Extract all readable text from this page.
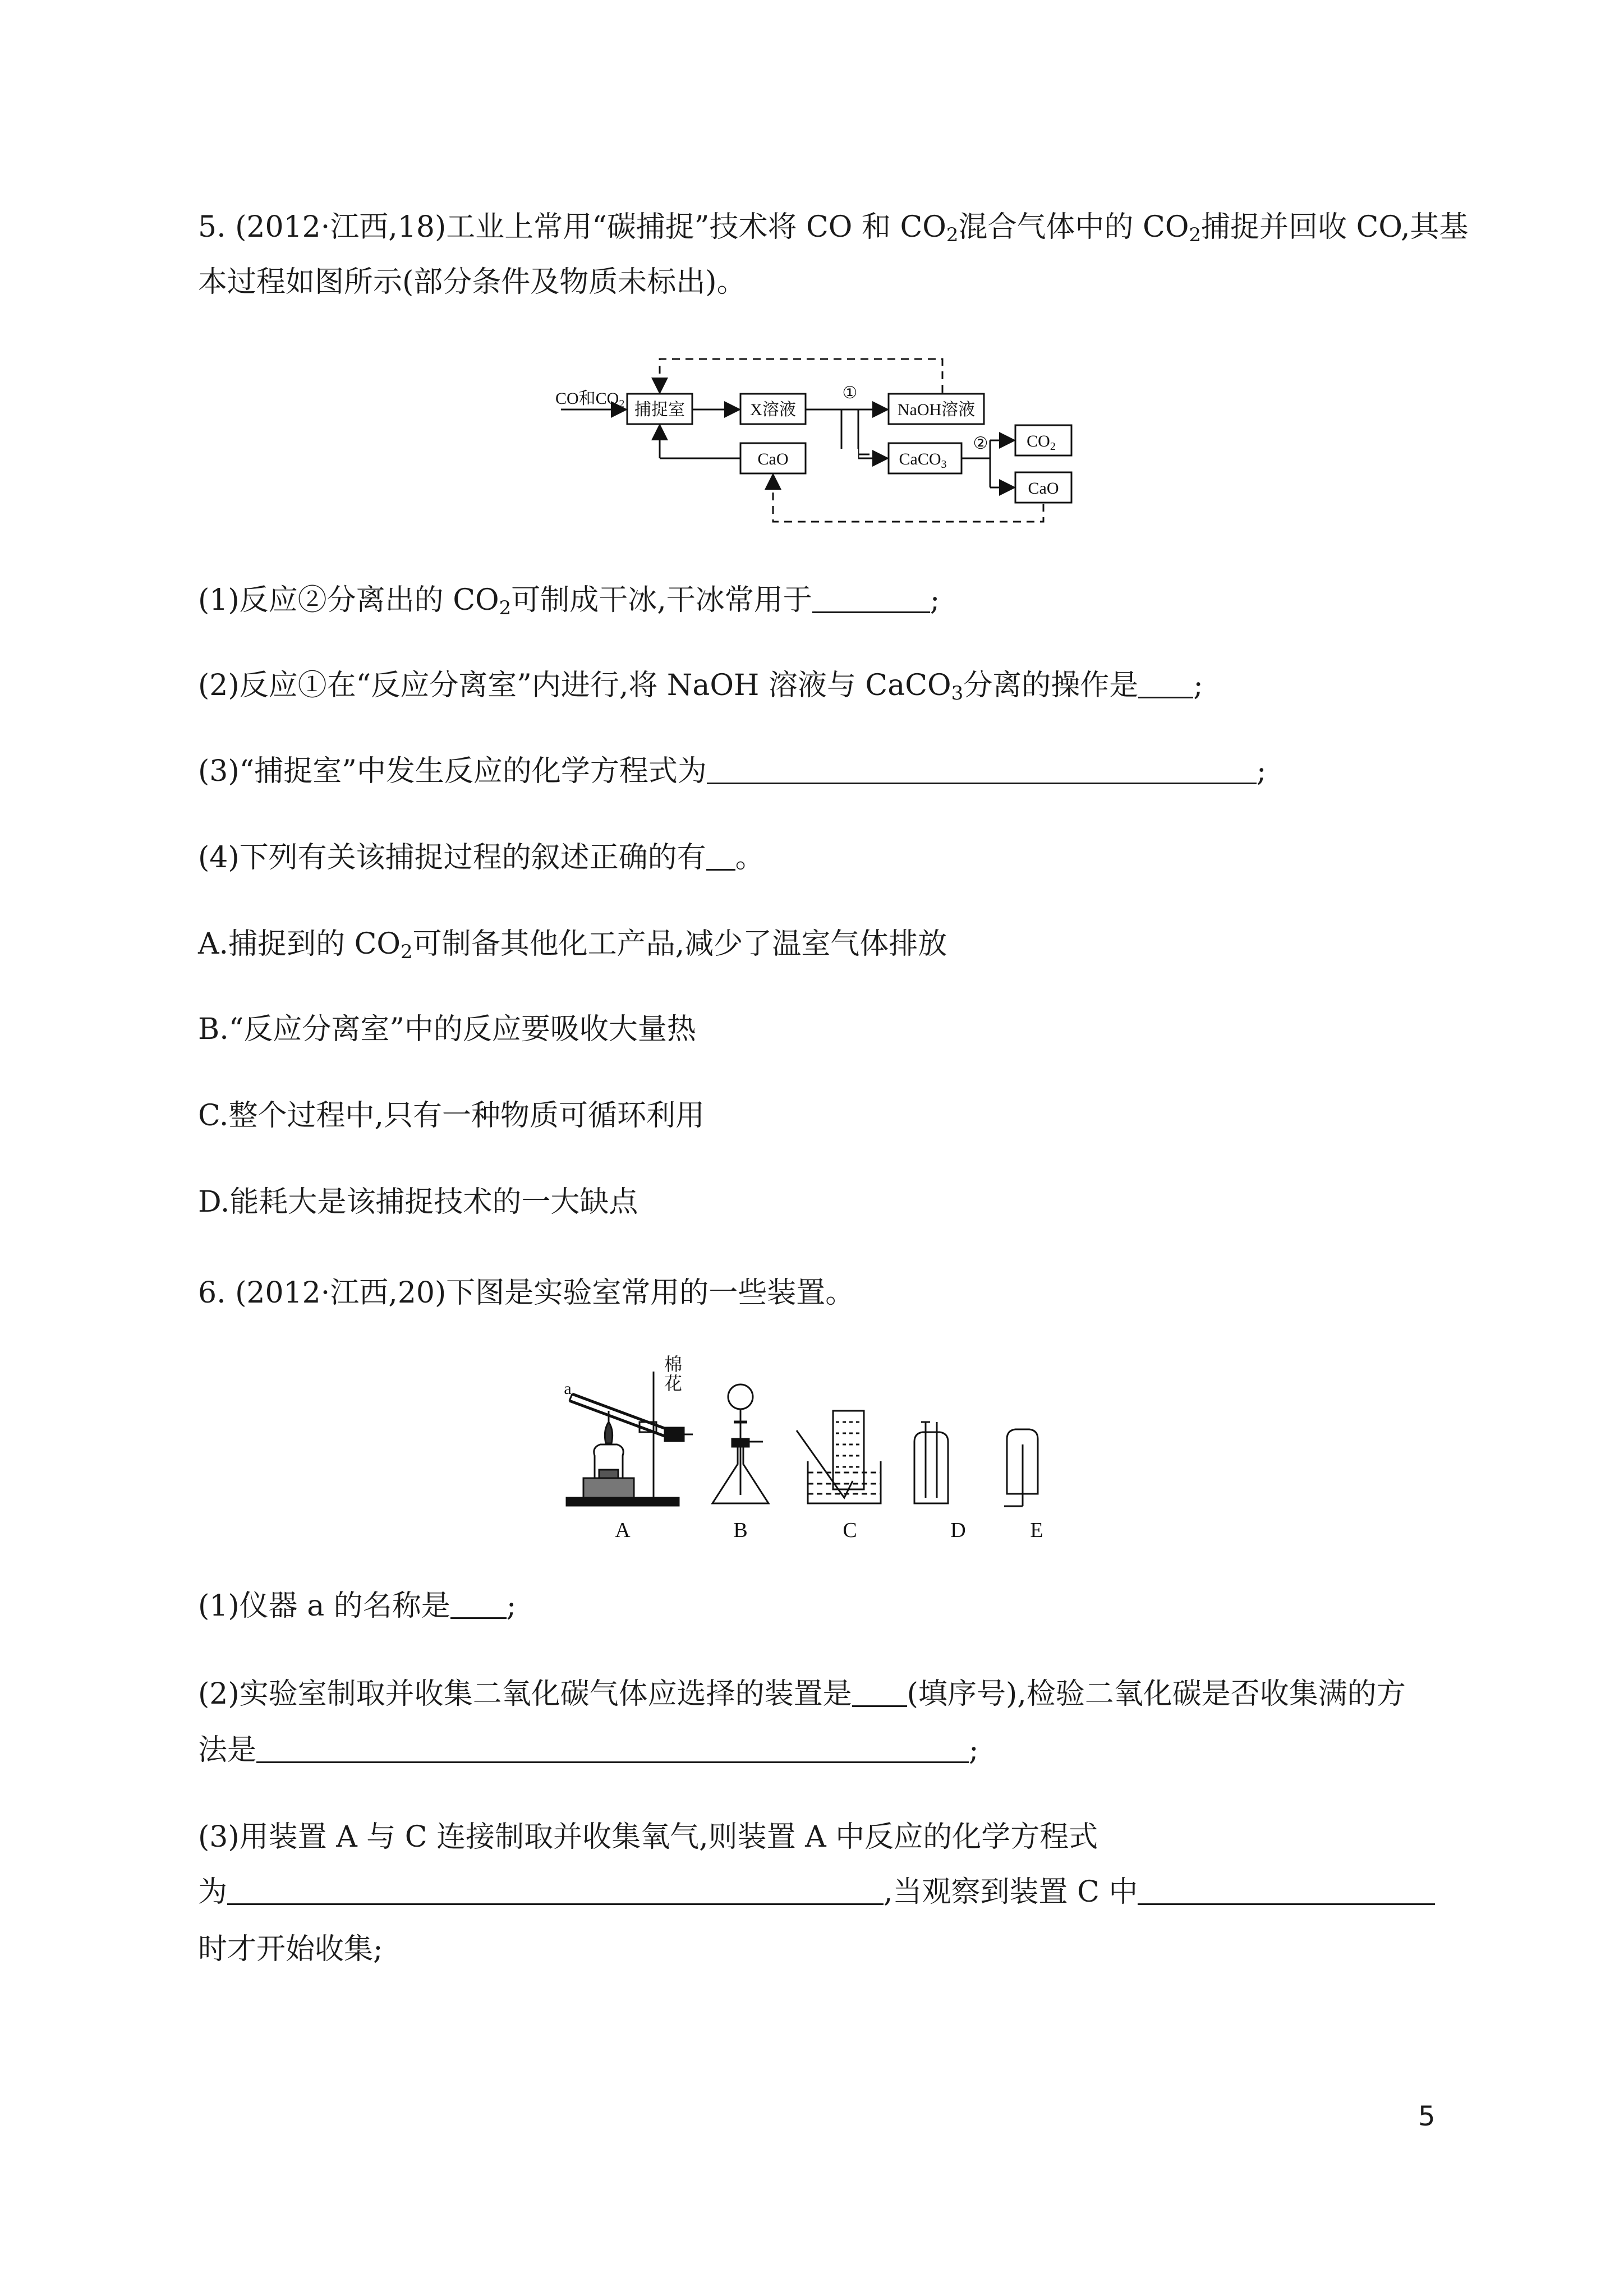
5. (2012·江西,18)工业上常用“碳捕捉”技术将 CO 和 $CO_2$混合气体中的 $CO_2$捕捉并回收 CO,其基
本过程如图所示(部分条件及物质未标出)。
CO和$CO_2$ 捕捉室	X溶液
CaO
①
NaOH溶液
CaCO$_3$
② $CO_2$
CaO
(1)反应②分离出的 $CO_2$可制成干冰,干冰常用于	;
(2)反应①在“反应分离室”内进行,将 NaOH 溶液与 CaCO$_3$分离的操作是 ;
(3)“捕捉室”中发生反应的化学方程式为	;
(4)下列有关该捕捉过程的叙述正确的有 。
A.捕捉到的 $CO_2$可制备其他化工产品,减少了温室气体排放
B.“反应分离室”中的反应要吸收大量热
C.整个过程中,只有一种物质可循环利用
D.能耗大是该捕捉技术的一大缺点
6. (2012·江西,20)下图是实验室常用的一些装置。
a
棉
花
A	B	C	D	E
(1)仪器 a 的名称是 ;
(2)实验室制取并收集二氧化碳气体应选择的装置是 (填序号),检验二氧化碳是否收集满的方
法是	;
(3)用装置 A 与 C 连接制取并收集氧气,则装置 A 中反应的化学方程式
为	,当观察到装置 C 中
时才开始收集;
5
